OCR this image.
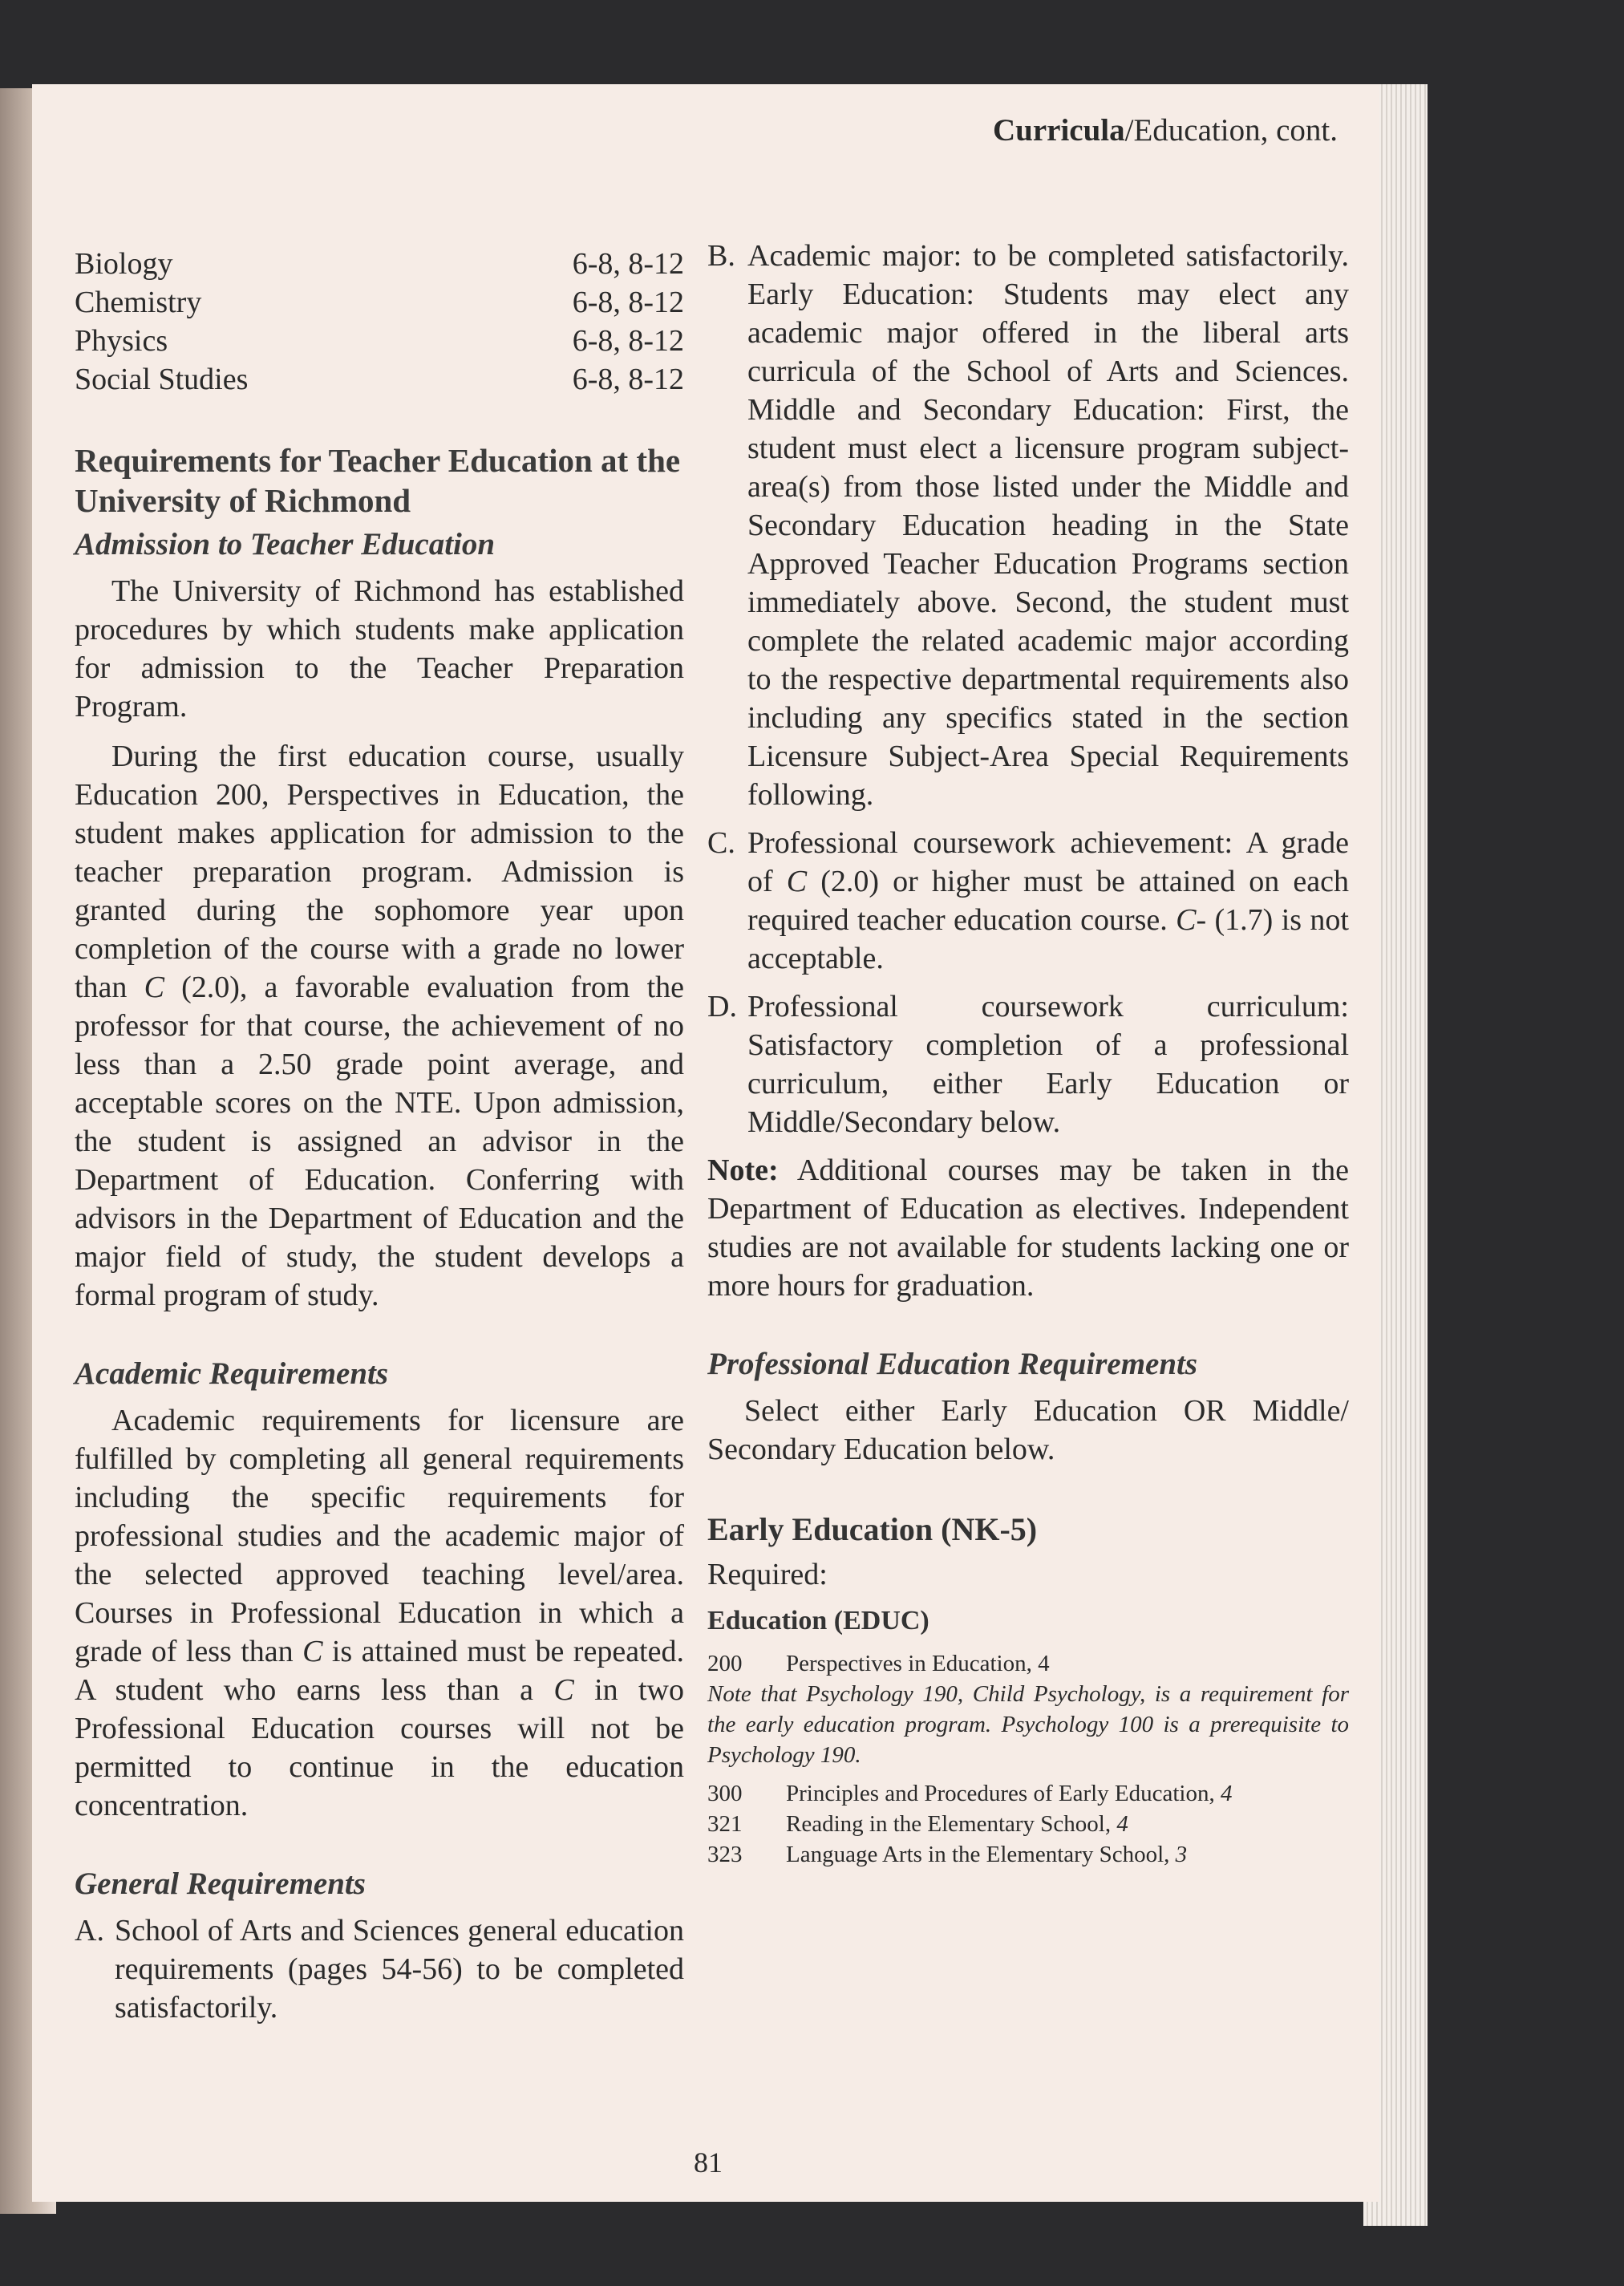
Curricula/Education, cont.
Biology	6-8, 8-12
Chemistry	6-8, 8-12
Physics	6-8, 8-12
Social Studies	6-8, 8-12
Requirements for Teacher Education at the University of Richmond
Admission to Teacher Education

The University of Richmond has established procedures by which students make application for admission to the Teacher Preparation Program.

During the first education course, usually Education 200, Perspectives in Education, the student makes application for admission to the teacher preparation program. Admission is granted during the sophomore year upon completion of the course with a grade no lower than C (2.0), a favorable evaluation from the professor for that course, the achievement of no less than a 2.50 grade point average, and acceptable scores on the NTE. Upon admission, the student is assigned an advisor in the Department of Education. Conferring with advisors in the Department of Education and the major field of study, the student develops a formal program of study.

Academic Requirements

Academic requirements for licensure are fulfilled by completing all general requirements including the specific requirements for professional studies and the academic major of the selected approved teaching level/area. Courses in Professional Education in which a grade of less than C is attained must be repeated. A student who earns less than a C in two Professional Education courses will not be permitted to continue in the education concentration.

General Requirements
A. School of Arts and Sciences general education requirements (pages 54-56) to be completed satisfactorily.
B. Academic major: to be completed satisfactorily. Early Education: Students may elect any academic major offered in the liberal arts curricula of the School of Arts and Sciences. Middle and Secondary Education: First, the student must elect a licensure program subject-area(s) from those listed under the Middle and Secondary Education heading in the State Approved Teacher Education Programs section immediately above. Second, the student must complete the related academic major according to the respective departmental requirements also including any specifics stated in the section Licensure Subject-Area Special Requirements following.
C. Professional coursework achievement: A grade of C (2.0) or higher must be attained on each required teacher education course. C- (1.7) is not acceptable.
D. Professional coursework curriculum: Satisfactory completion of a professional curriculum, either Early Education or Middle/Secondary below.

Note: Additional courses may be taken in the Department of Education as electives. Independent studies are not available for students lacking one or more hours for graduation.

Professional Education Requirements

Select either Early Education OR Middle/ Secondary Education below.

Early Education (NK-5)
Required:
Education (EDUC)
200	Perspectives in Education, 4

Note that Psychology 190, Child Psychology, is a requirement for the early education program. Psychology 100 is a prerequisite to Psychology 190.

300	Principles and Procedures of Early Education, 4
321	Reading in the Elementary School, 4
323	Language Arts in the Elementary School, 3
81
